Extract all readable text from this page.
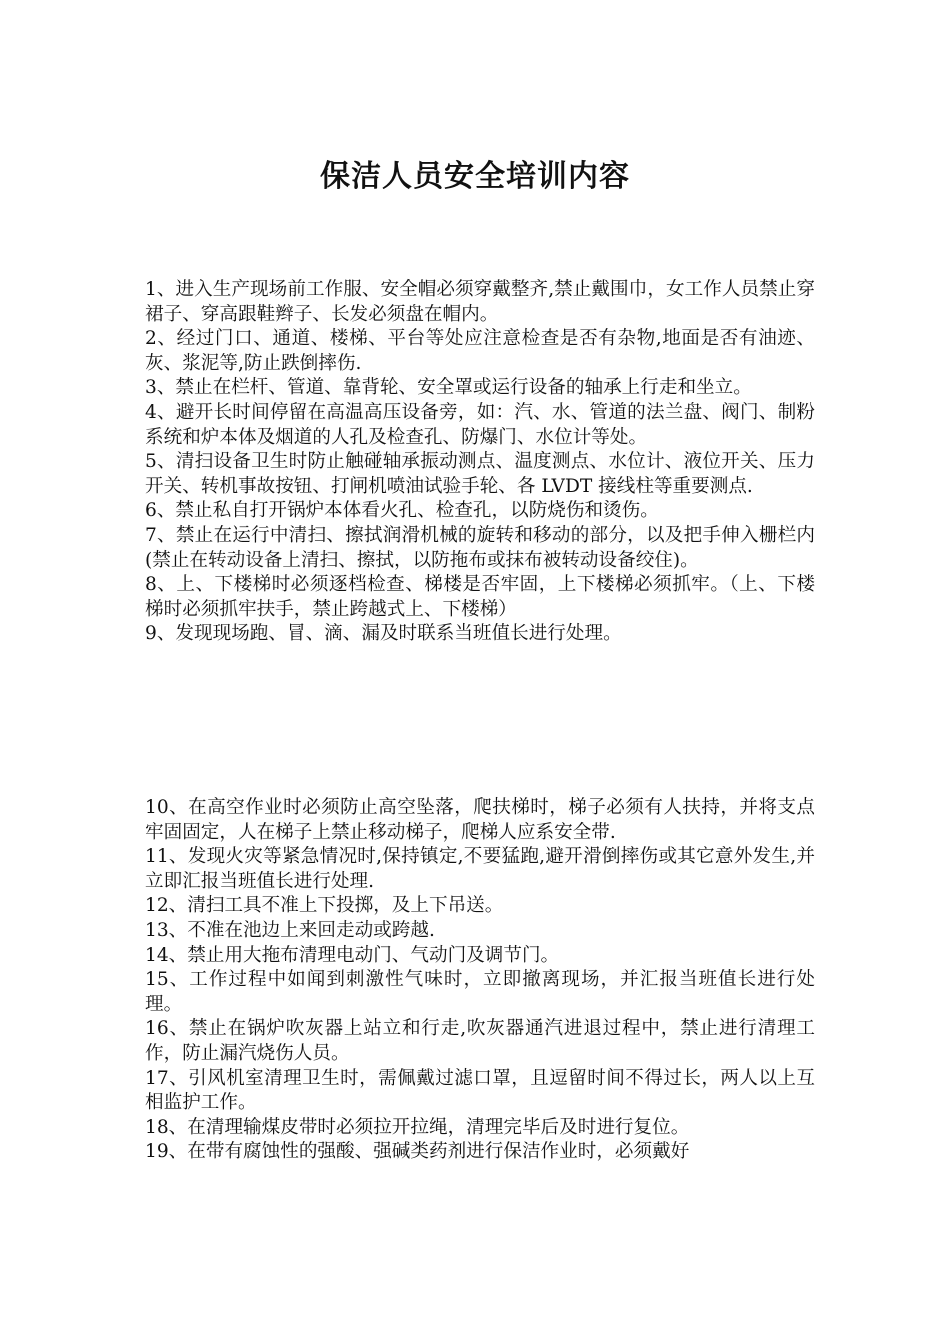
保洁人员安全培训内容

1、进入生产现场前工作服、安全帽必须穿戴整齐,禁止戴围巾，女工作人员禁止穿裙子、穿高跟鞋辫子、长发必须盘在帽内。

2、经过门口、通道、楼梯、平台等处应注意检查是否有杂物,地面是否有油迹、灰、浆泥等,防止跌倒摔伤.

3、禁止在栏杆、管道、靠背轮、安全罩或运行设备的轴承上行走和坐立。

4、避开长时间停留在高温高压设备旁，如：汽、水、管道的法兰盘、阀门、制粉系统和炉本体及烟道的人孔及检查孔、防爆门、水位计等处。

5、清扫设备卫生时防止触碰轴承振动测点、温度测点、水位计、液位开关、压力开关、转机事故按钮、打闸机喷油试验手轮、各 LVDT 接线柱等重要测点.

6、禁止私自打开锅炉本体看火孔、检查孔，以防烧伤和烫伤。

7、禁止在运行中清扫、擦拭润滑机械的旋转和移动的部分，以及把手伸入栅栏内(禁止在转动设备上清扫、擦拭，以防拖布或抹布被转动设备绞住)。

8、上、下楼梯时必须逐档检查、梯楼是否牢固，上下楼梯必须抓牢。（上、下楼梯时必须抓牢扶手，禁止跨越式上、下楼梯）

9、发现现场跑、冒、滴、漏及时联系当班值长进行处理。

10、在高空作业时必须防止高空坠落，爬扶梯时，梯子必须有人扶持，并将支点牢固固定，人在梯子上禁止移动梯子，爬梯人应系安全带.

11、发现火灾等紧急情况时,保持镇定,不要猛跑,避开滑倒摔伤或其它意外发生,并立即汇报当班值长进行处理.

12、清扫工具不准上下投掷，及上下吊送。

13、不准在池边上来回走动或跨越.

14、禁止用大拖布清理电动门、气动门及调节门。

15、工作过程中如闻到刺激性气味时，立即撤离现场，并汇报当班值长进行处理。

16、禁止在锅炉吹灰器上站立和行走,吹灰器通汽进退过程中，禁止进行清理工作，防止漏汽烧伤人员。

17、引风机室清理卫生时，需佩戴过滤口罩，且逗留时间不得过长，两人以上互相监护工作。

18、在清理输煤皮带时必须拉开拉绳，清理完毕后及时进行复位。

19、在带有腐蚀性的强酸、强碱类药剂进行保洁作业时，必须戴好
